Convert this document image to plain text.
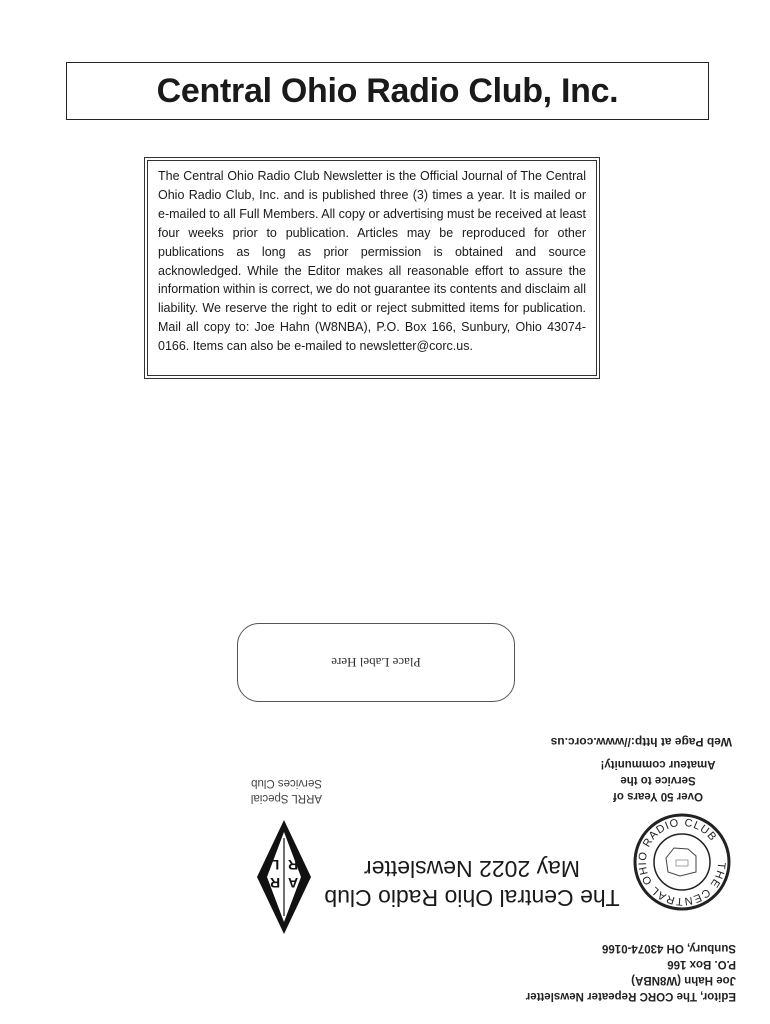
Central Ohio Radio Club, Inc.
The Central Ohio Radio Club Newsletter is the Official Journal of The Central Ohio Radio Club, Inc. and is published three (3) times a year. It is mailed or e-mailed to all Full Members. All copy or advertising must be received at least four weeks prior to publication. Articles may be reproduced for other publications as long as prior permission is obtained and source acknowledged. While the Editor makes all reasonable effort to assure the information within is correct, we do not guarantee its contents and disclaim all liability. We reserve the right to edit or reject submitted items for publication. Mail all copy to: Joe Hahn (W8NBA), P.O. Box 166, Sunbury, Ohio 43074-0166. Items can also be e-mailed to newsletter@corc.us.
Editor, The CORC Repeater Newsletter
Joe Hahn (W8NBA)
P.O. Box 166
Sunbury, OH 43074-0166
THE CENTRAL OHIO RADIO CLUB
The Central Ohio Radio Club
May 2022 Newsletter
A
R
R
L
Over 50 Years of
Service to the
Amateur community!
ARRL Special
Services Club
Web Page at http://www.corc.us
Place Label Here
